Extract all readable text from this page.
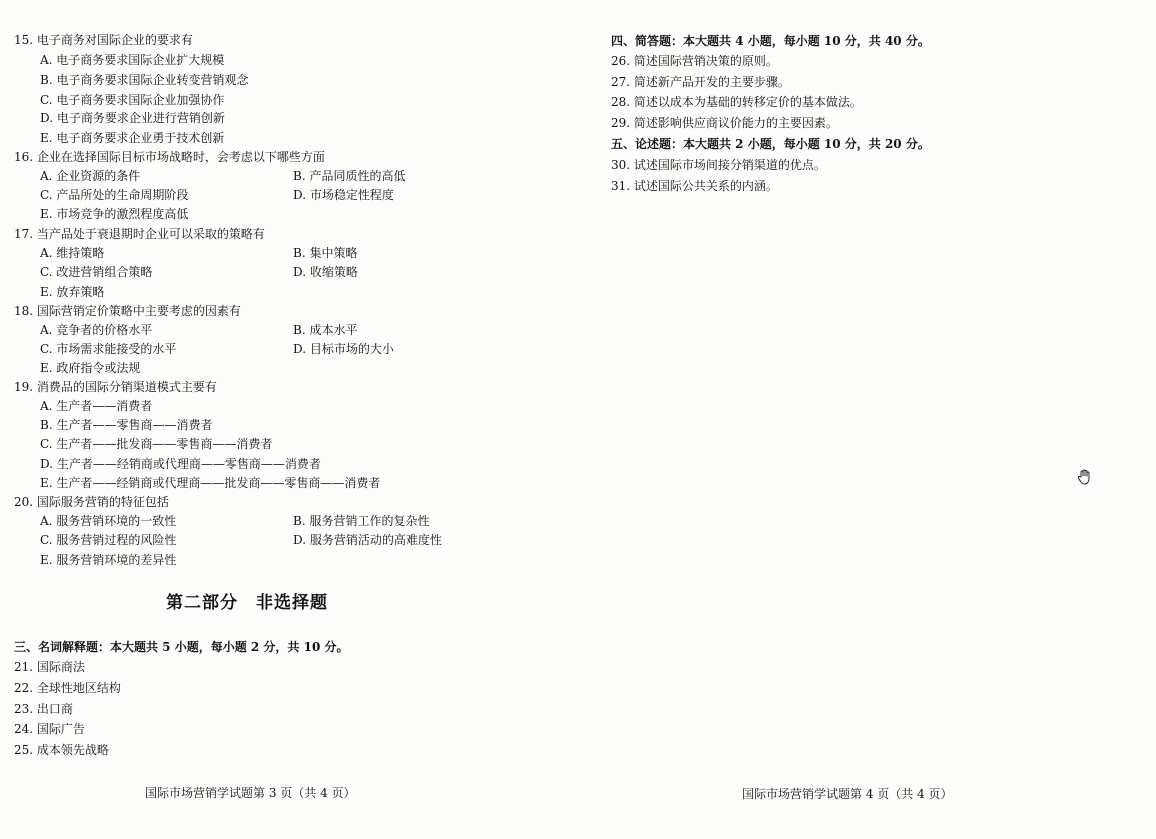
15. 电子商务对国际企业的要求有
A. 电子商务要求国际企业扩大规模
B. 电子商务要求国际企业转变营销观念
C. 电子商务要求国际企业加强协作
D. 电子商务要求企业进行营销创新
E. 电子商务要求企业勇于技术创新
16. 企业在选择国际目标市场战略时，会考虑以下哪些方面
A. 企业资源的条件	B. 产品同质性的高低
C. 产品所处的生命周期阶段	D. 市场稳定性程度
E. 市场竞争的激烈程度高低
17. 当产品处于衰退期时企业可以采取的策略有
A. 维持策略	B. 集中策略
C. 改进营销组合策略	D. 收缩策略
E. 放弃策略
18. 国际营销定价策略中主要考虑的因素有
A. 竞争者的价格水平	B. 成本水平
C. 市场需求能接受的水平	D. 目标市场的大小
E. 政府指令或法规
19. 消费品的国际分销渠道模式主要有
A. 生产者——消费者
B. 生产者——零售商——消费者
C. 生产者——批发商——零售商——消费者
D. 生产者——经销商或代理商——零售商——消费者
E. 生产者——经销商或代理商——批发商——零售商——消费者
20. 国际服务营销的特征包括
A. 服务营销环境的一致性	B. 服务营销工作的复杂性
C. 服务营销过程的风险性	D. 服务营销活动的高难度性
E. 服务营销环境的差异性
第二部分　非选择题
三、名词解释题：本大题共 5 小题，每小题 2 分，共 10 分。
21. 国际商法
22. 全球性地区结构
23. 出口商
24. 国际广告
25. 成本领先战略
国际市场营销学试题第 3 页（共 4 页）
四、简答题：本大题共 4 小题，每小题 10 分，共 40 分。
26. 简述国际营销决策的原则。
27. 简述新产品开发的主要步骤。
28. 简述以成本为基础的转移定价的基本做法。
29. 简述影响供应商议价能力的主要因素。
五、论述题：本大题共 2 小题，每小题 10 分，共 20 分。
30. 试述国际市场间接分销渠道的优点。
31. 试述国际公共关系的内涵。
国际市场营销学试题第 4 页（共 4 页）
